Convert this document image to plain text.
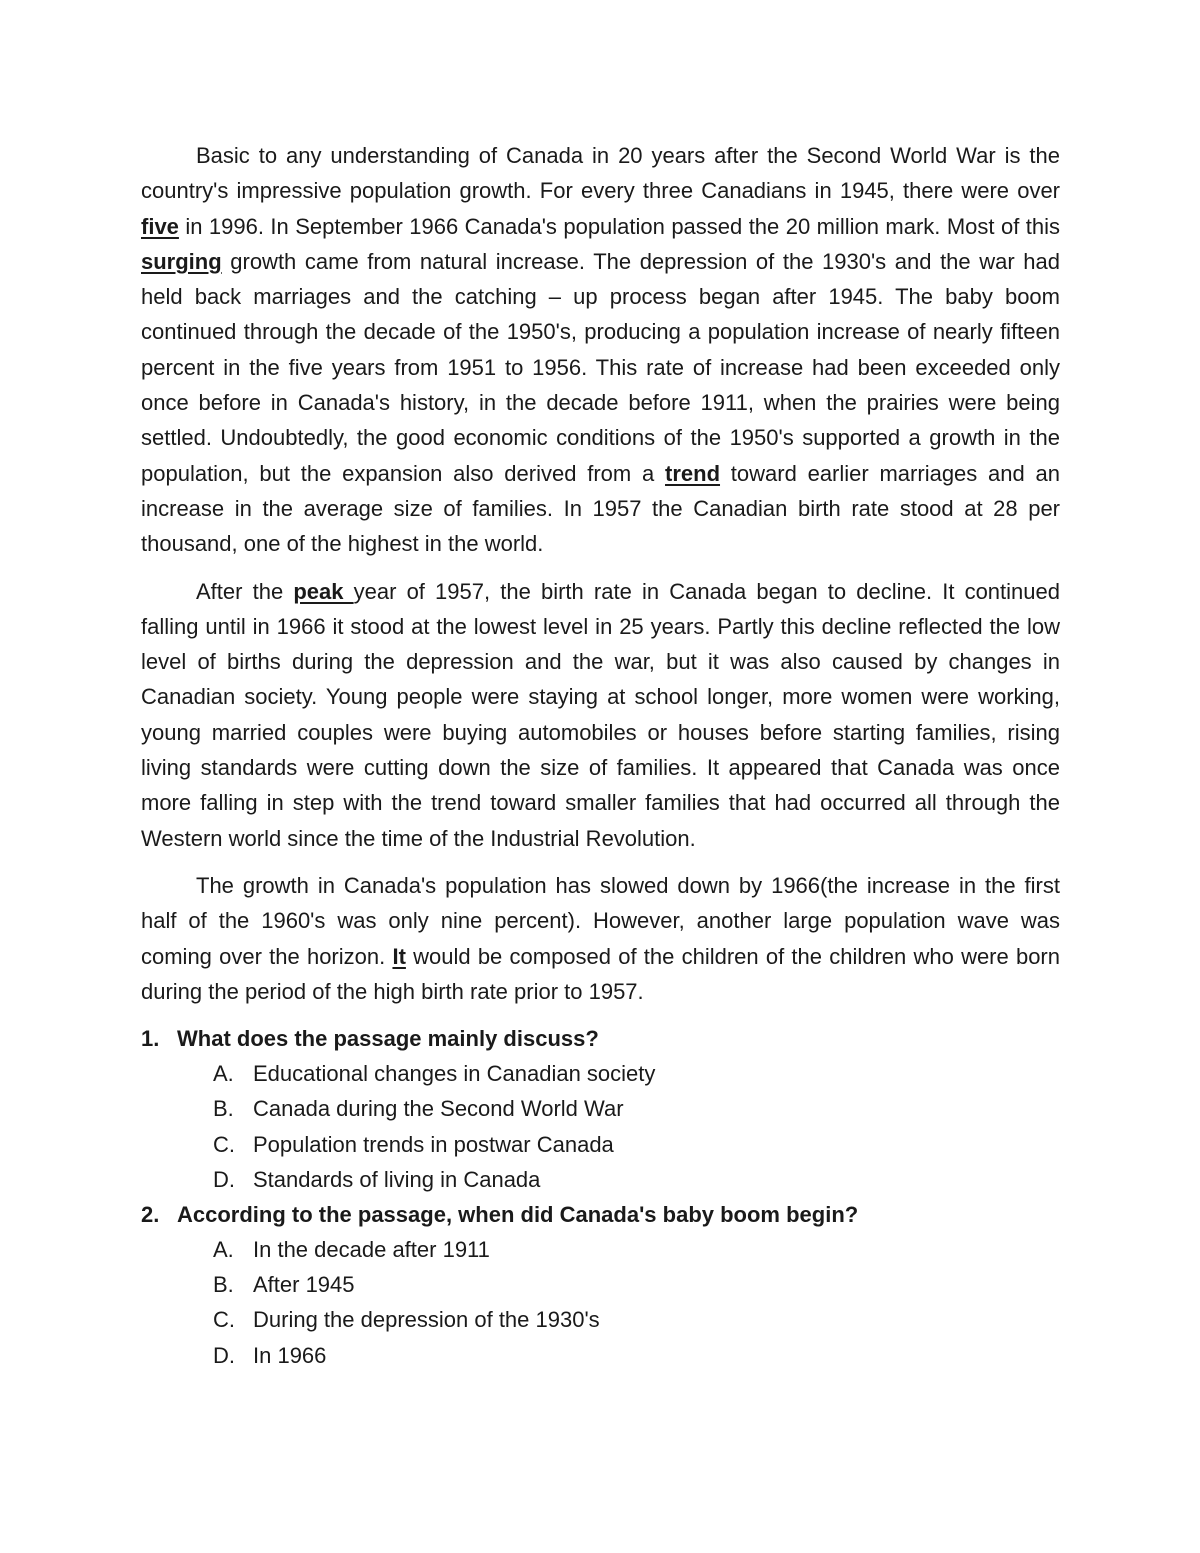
Basic to any understanding of Canada in 20 years after the Second World War is the country's impressive population growth. For every three Canadians in 1945, there were over five in 1996. In September 1966 Canada's population passed the 20 million mark. Most of this surging growth came from natural increase. The depression of the 1930's and the war had held back marriages and the catching – up process began after 1945. The baby boom continued through the decade of the 1950's, producing a population increase of nearly fifteen percent in the five years from 1951 to 1956. This rate of increase had been exceeded only once before in Canada's history, in the decade before 1911, when the prairies were being settled. Undoubtedly, the good economic conditions of the 1950's supported a growth in the population, but the expansion also derived from a trend toward earlier marriages and an increase in the average size of families. In 1957 the Canadian birth rate stood at 28 per thousand, one of the highest in the world.

After the peak year of 1957, the birth rate in Canada began to decline. It continued falling until in 1966 it stood at the lowest level in 25 years. Partly this decline reflected the low level of births during the depression and the war, but it was also caused by changes in Canadian society. Young people were staying at school longer, more women were working, young married couples were buying automobiles or houses before starting families, rising living standards were cutting down the size of families. It appeared that Canada was once more falling in step with the trend toward smaller families that had occurred all through the Western world since the time of the Industrial Revolution.

The growth in Canada's population has slowed down by 1966(the increase in the first half of the 1960's was only nine percent). However, another large population wave was coming over the horizon. It would be composed of the children of the children who were born during the period of the high birth rate prior to 1957.

1. What does the passage mainly discuss?
A. Educational changes in Canadian society
B. Canada during the Second World War
C. Population trends in postwar Canada
D. Standards of living in Canada
2. According to the passage, when did Canada's baby boom begin?
A. In the decade after 1911
B. After 1945
C. During the depression of the 1930's
D. In 1966
